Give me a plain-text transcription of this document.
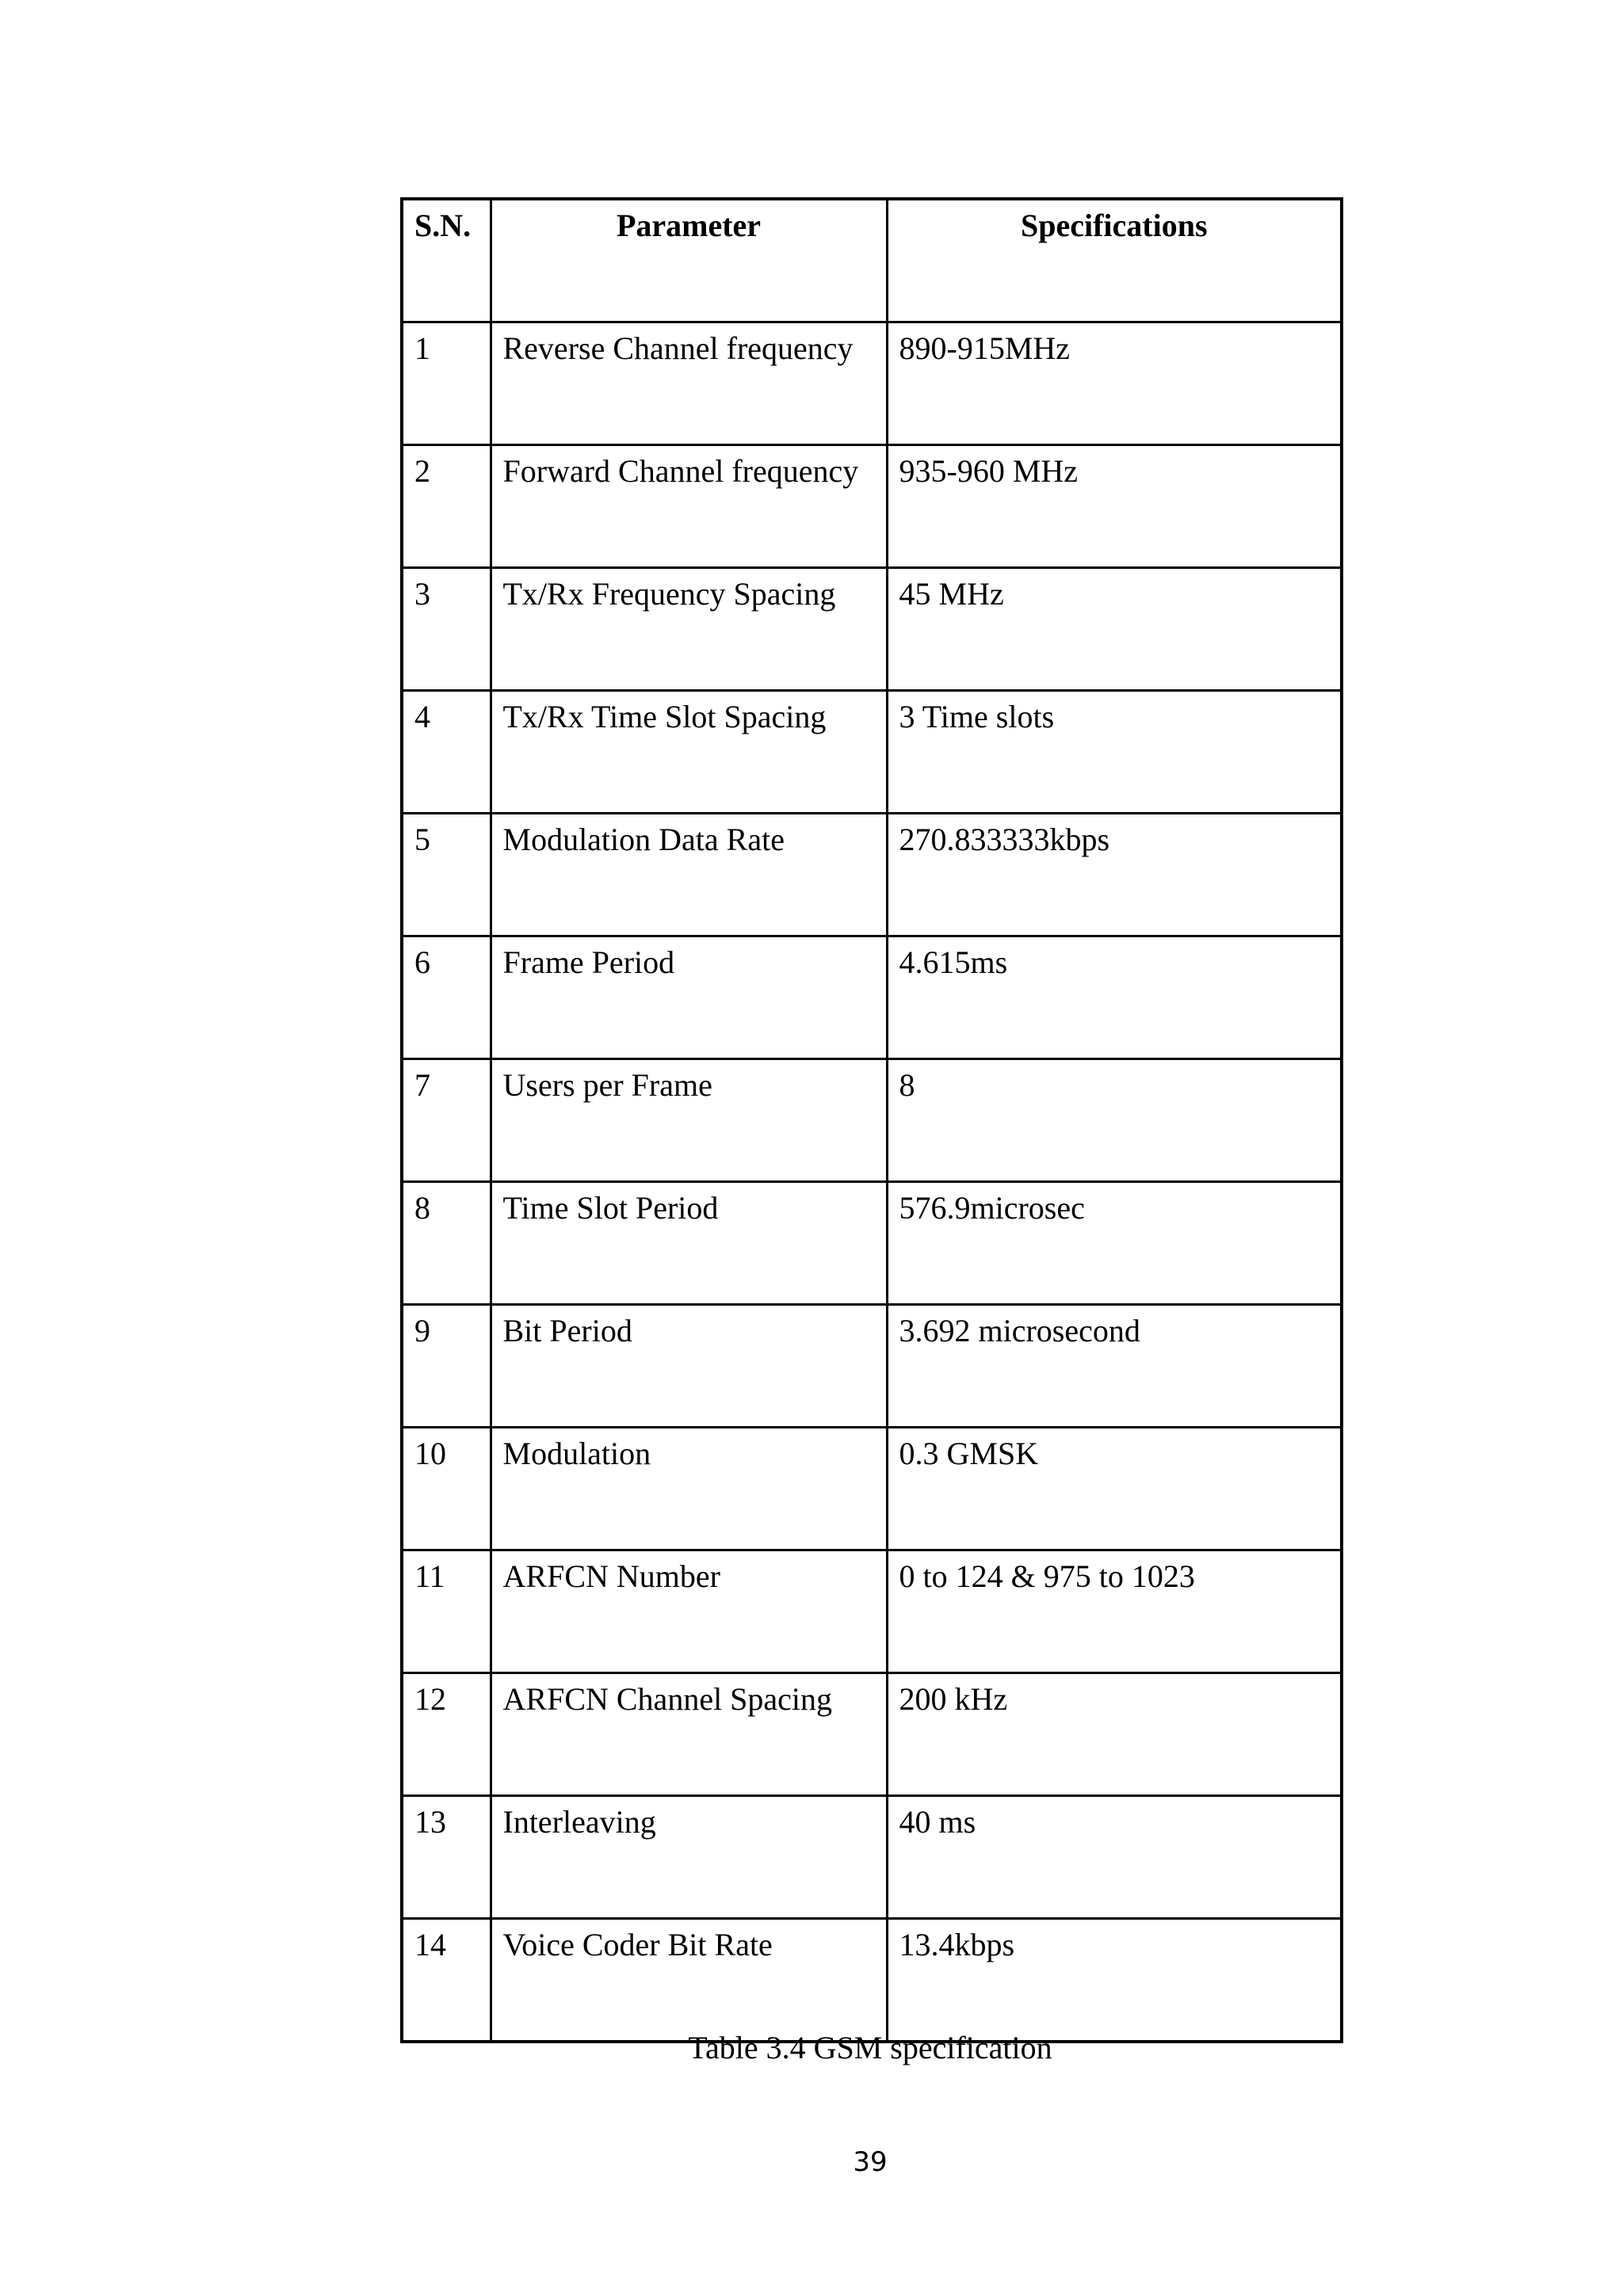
S.N.	Parameter	Specifications
1	Reverse Channel frequency	890-915MHz
2	Forward Channel frequency	935-960 MHz
3	Tx/Rx Frequency Spacing	45 MHz
4	Tx/Rx Time Slot Spacing	3 Time slots
5	Modulation Data Rate	270.833333kbps
6	Frame Period	4.615ms
7	Users per Frame	8
8	Time Slot Period	576.9microsec
9	Bit Period	3.692 microsecond
10	Modulation	0.3 GMSK
11	ARFCN Number	0 to 124 & 975 to 1023
12	ARFCN Channel Spacing	200 kHz
13	Interleaving	40 ms
14	Voice Coder Bit Rate	13.4kbps
Table 3.4 GSM specification
39
